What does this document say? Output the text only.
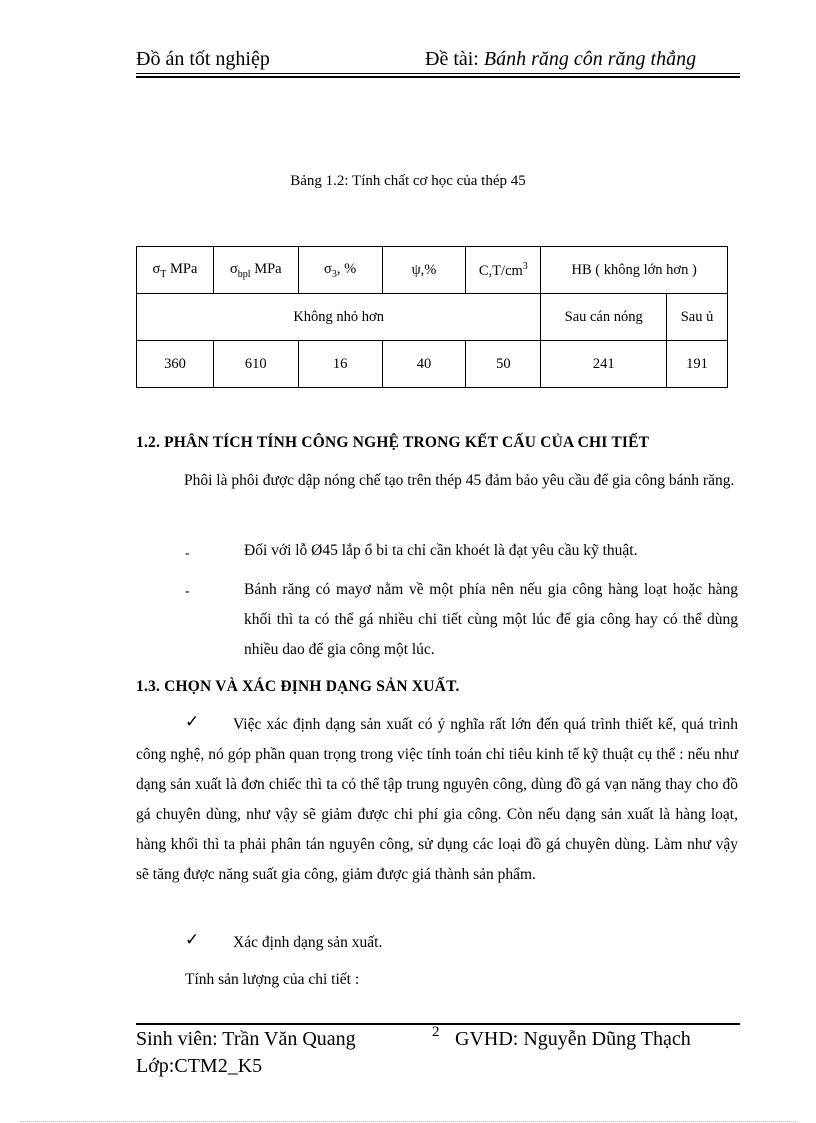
Đồ án tốt nghiệp	Đề tài: Bánh răng côn răng thẳng
Bảng 1.2: Tính chất cơ học của thép 45
$\sigma_T$ MPa	$\sigma_{bpl}$ MPa	$\sigma_3$, %	ψ,%	$C,T/cm^3$	HB ( không lớn hơn )	
Không nhỏ hơn					Sau cán nóng	Sau ủ
360	610	16	40	50	241	191
1.2. PHÂN TÍCH TÍNH CÔNG NGHỆ TRONG KẾT CẤU CỦA CHI TIẾT
Phôi là phôi được dập nóng chế tạo trên thép 45 đảm bảo yêu cầu để gia công bánh răng.
-	Đối với lỗ Ø45 lắp ổ bi ta chỉ cần khoét là đạt yêu cầu kỹ thuật.
-	Bánh răng có mayơ nằm về một phía nên nếu gia công hàng loạt hoặc hàng khối thì ta có thể gá nhiều chi tiết cùng một lúc để gia công hay có thể dùng nhiều dao để gia công một lúc.
1.3. CHỌN VÀ XÁC ĐỊNH DẠNG SẢN XUẤT.
✓	Việc xác định dạng sản xuất có ý nghĩa rất lớn đến quá trình thiết kế, quá trình công nghệ, nó góp phần quan trọng trong việc tính toán chỉ tiêu kinh tế kỹ thuật cụ thể : nếu như dạng sản xuất là đơn chiếc thì ta có thể tập trung nguyên công, dùng đồ gá vạn năng thay cho đồ gá chuyên dùng, như vậy sẽ giảm được chi phí gia công. Còn nếu dạng sản xuất là hàng loạt, hàng khối thì ta phải phân tán nguyên công, sử dụng các loại đồ gá chuyên dùng. Làm như vậy sẽ tăng được năng suất gia công, giảm được giá thành sản phẩm.
✓ Xác định dạng sản xuất.
Tính sản lượng của chi tiết :
Sinh viên: Trần Văn Quang	2 GVHD: Nguyễn Dũng Thạch
Lớp:CTM2_K5
